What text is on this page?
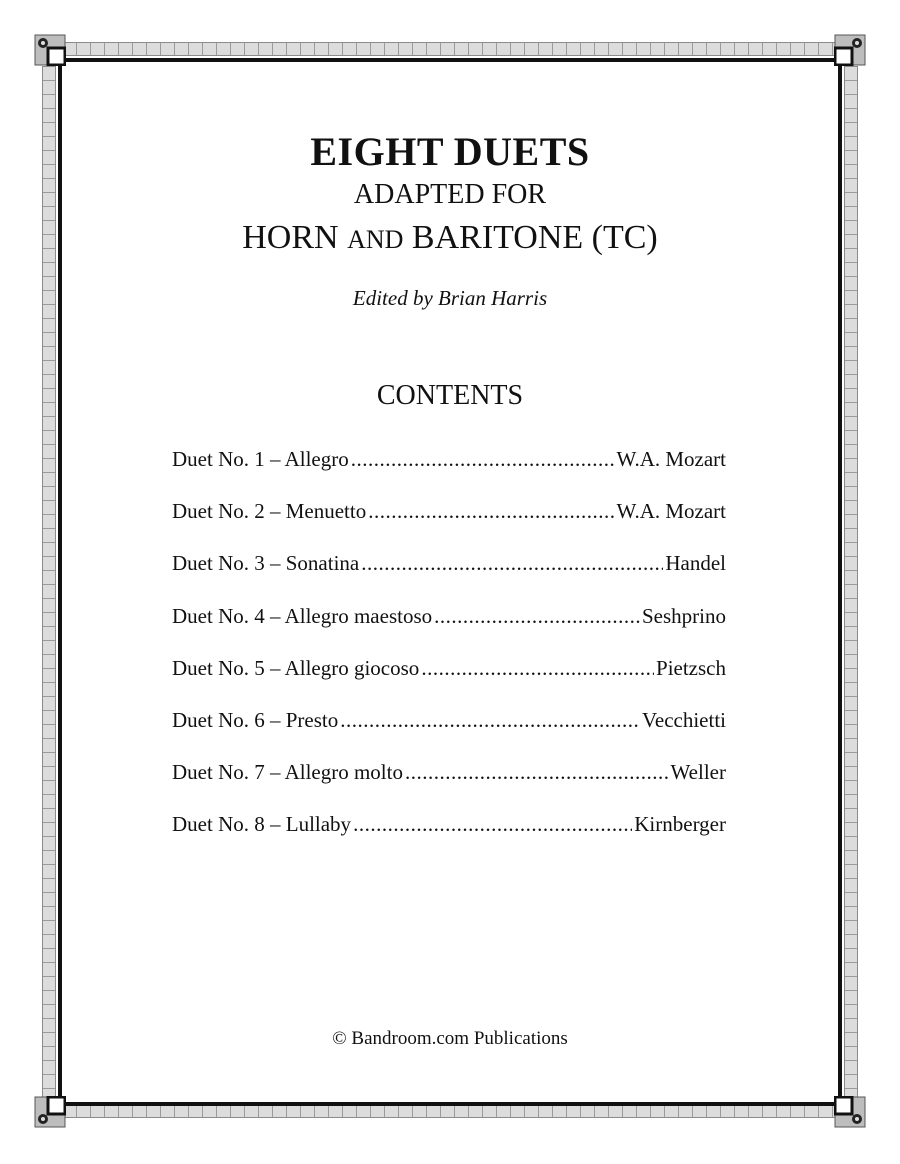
EIGHT DUETS
ADAPTED FOR
HORN AND BARITONE (TC)
Edited by Brian Harris
CONTENTS
Duet No. 1 – Allegro .....	W.A. Mozart
Duet No. 2 – Menuetto .....	W.A. Mozart
Duet No. 3 – Sonatina .....	Handel
Duet No. 4 – Allegro maestoso .....	Seshprino
Duet No. 5 – Allegro giocoso .....	Pietzsch
Duet No. 6 – Presto .....	Vecchietti
Duet No. 7 – Allegro molto .....	Weller
Duet No. 8 – Lullaby .....	Kirnberger
© Bandroom.com Publications
